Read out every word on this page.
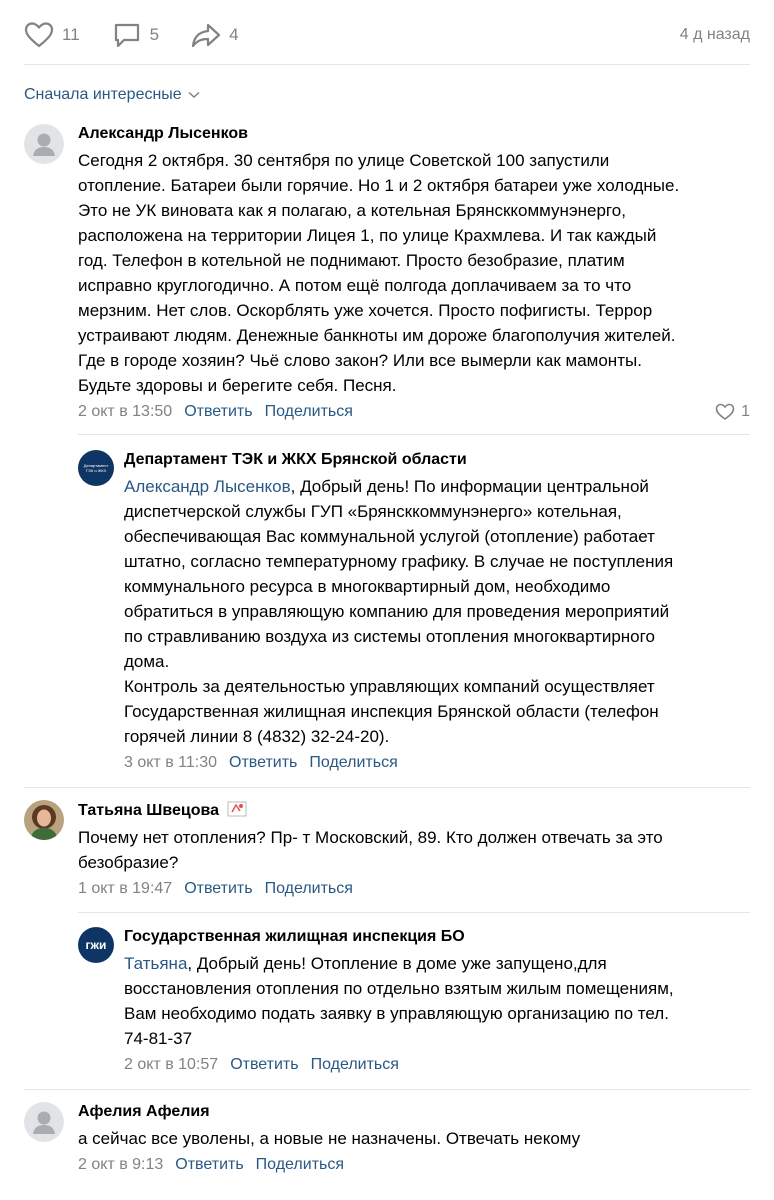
11	5	4	4 д назад
Сначала интересные
Александр Лысенков
Сегодня 2 октября. 30 сентября по улице Советской 100 запустили
отопление. Батареи были горячие. Но 1 и 2 октября батареи уже холодные.
Это не УК виновата как я полагаю, а котельная Брянсккоммунэнерго,
расположена на территории Лицея 1, по улице Крахмлева. И так каждый
год. Телефон в котельной не поднимают. Просто безобразие, платим
исправно круглогодично. А потом ещё полгода доплачиваем за то что
мерзним. Нет слов. Оскорблять уже хочется. Просто пофигисты. Террор
устраивают людям. Денежные банкноты им дороже благополучия жителей.
Где в городе хозяин? Чьё слово закон? Или все вымерли как мамонты.
Будьте здоровы и берегите себя. Песня.
2 окт в 13:50 Ответить Поделиться	1
Департамент ТЭК и ЖКХ
Департамент ТЭК и ЖКХ Брянской области
Александр Лысенков, Добрый день! По информации центральной
диспетчерской службы ГУП «Брянсккоммунэнерго» котельная,
обеспечивающая Вас коммунальной услугой (отопление) работает
штатно, согласно температурному графику. В случае не поступления
коммунального ресурса в многоквартирный дом, необходимо
обратиться в управляющую компанию для проведения мероприятий
по стравливанию воздуха из системы отопления многоквартирного
дома.
Контроль за деятельностью управляющих компаний осуществляет
Государственная жилищная инспекция Брянской области (телефон
горячей линии 8 (4832) 32-24-20).
3 окт в 11:30 Ответить Поделиться
Татьяна Швецова
Почему нет отопления? Пр- т Московский, 89. Кто должен отвечать за это
безобразие?
1 окт в 19:47 Ответить Поделиться
гжи Государственная жилищная инспекция БО
Татьяна, Добрый день! Отопление в доме уже запущено,для
восстановления отопления по отдельно взятым жилым помещениям,
Вам необходимо подать заявку в управляющую организацию по тел.
74-81-37
2 окт в 10:57 Ответить Поделиться
Афелия Афелия
а сейчас все уволены, а новые не назначены. Отвечать некому
2 окт в 9:13 Ответить Поделиться
